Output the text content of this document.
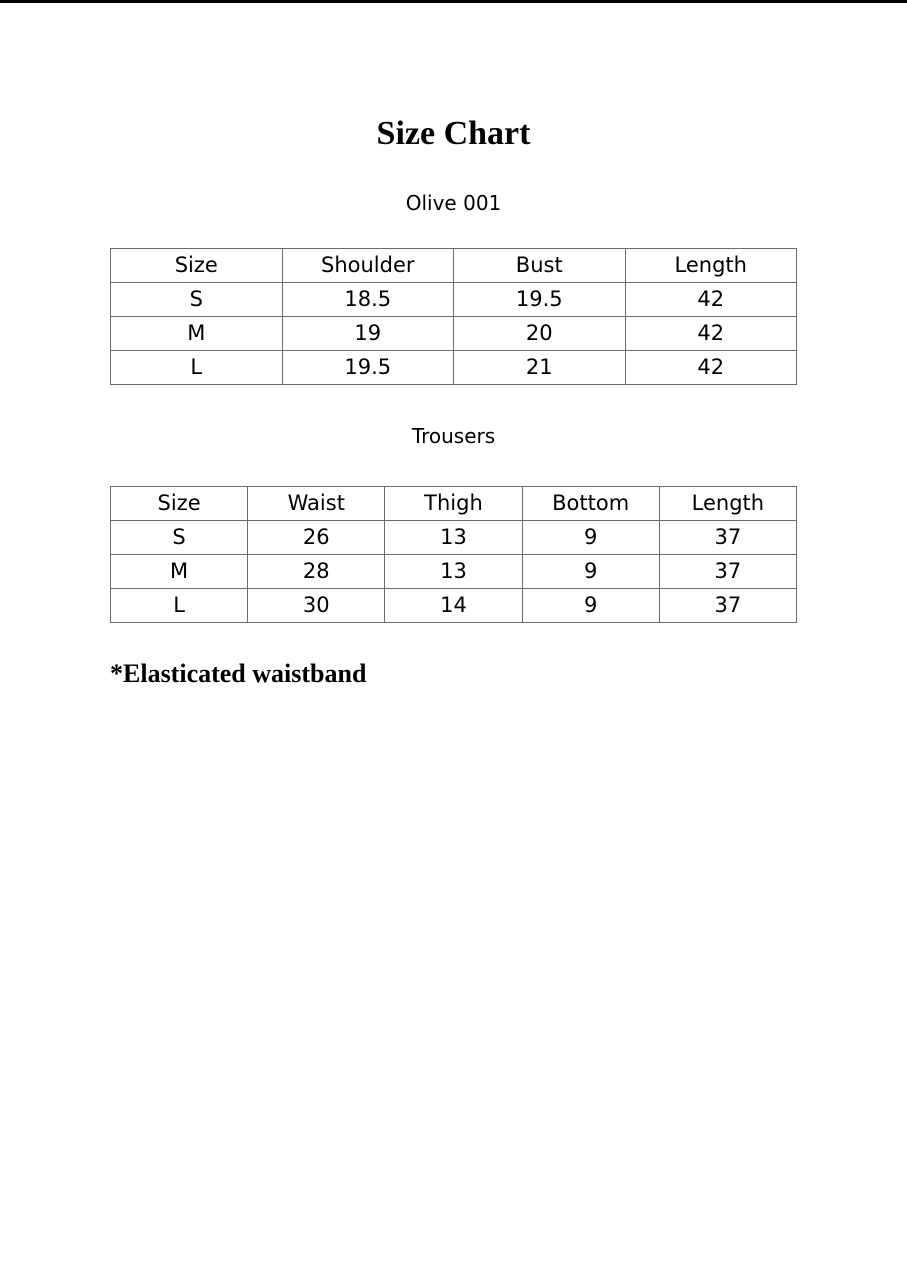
Size Chart
Olive 001
Size	Shoulder	Bust	Length
S	18.5	19.5	42
M	19	20	42
L	19.5	21	42
Trousers
Size	Waist	Thigh	Bottom	Length
S	26	13	9	37
M	28	13	9	37
L	30	14	9	37
*Elasticated waistband
